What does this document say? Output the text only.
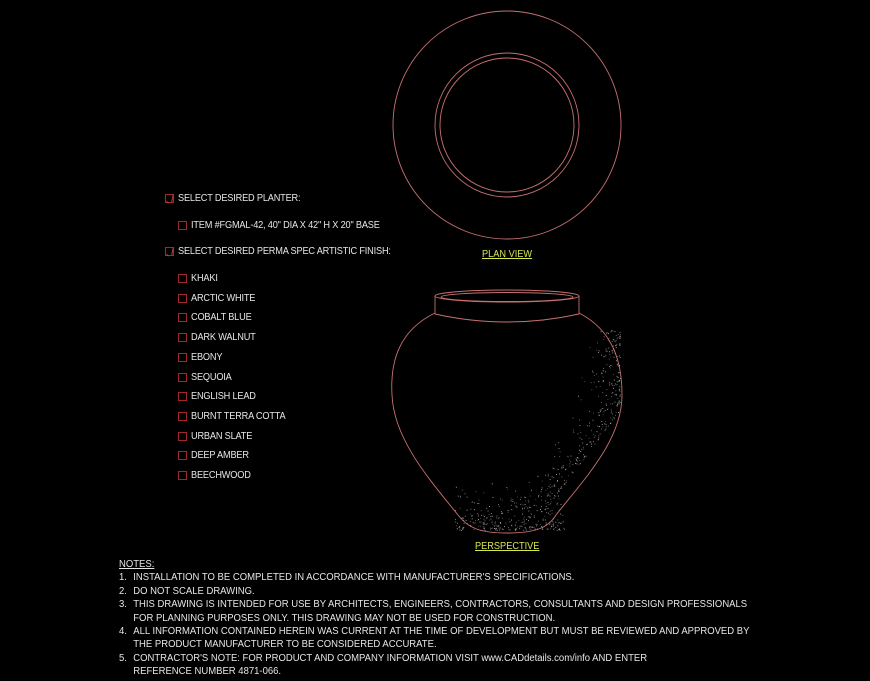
SELECT DESIRED PLANTER:
ITEM #FGMAL-42, 40" DIA X 42" H X 20" BASE
SELECT DESIRED PERMA SPEC ARTISTIC FINISH:
KHAKI
ARCTIC WHITE
COBALT BLUE
DARK WALNUT
EBONY
SEQUOIA
ENGLISH LEAD
BURNT TERRA COTTA
URBAN SLATE
DEEP AMBER
BEECHWOOD
PLAN VIEW
PERSPECTIVE
NOTES:
1. INSTALLATION TO BE COMPLETED IN ACCORDANCE WITH MANUFACTURER'S SPECIFICATIONS.
2. DO NOT SCALE DRAWING.
3. THIS DRAWING IS INTENDED FOR USE BY ARCHITECTS, ENGINEERS, CONTRACTORS, CONSULTANTS AND DESIGN PROFESSIONALS
FOR PLANNING PURPOSES ONLY. THIS DRAWING MAY NOT BE USED FOR CONSTRUCTION.
4. ALL INFORMATION CONTAINED HEREIN WAS CURRENT AT THE TIME OF DEVELOPMENT BUT MUST BE REVIEWED AND APPROVED BY
THE PRODUCT MANUFACTURER TO BE CONSIDERED ACCURATE.
5. CONTRACTOR'S NOTE: FOR PRODUCT AND COMPANY INFORMATION VISIT www.CADdetails.com/info AND ENTER
REFERENCE NUMBER 4871-066.
